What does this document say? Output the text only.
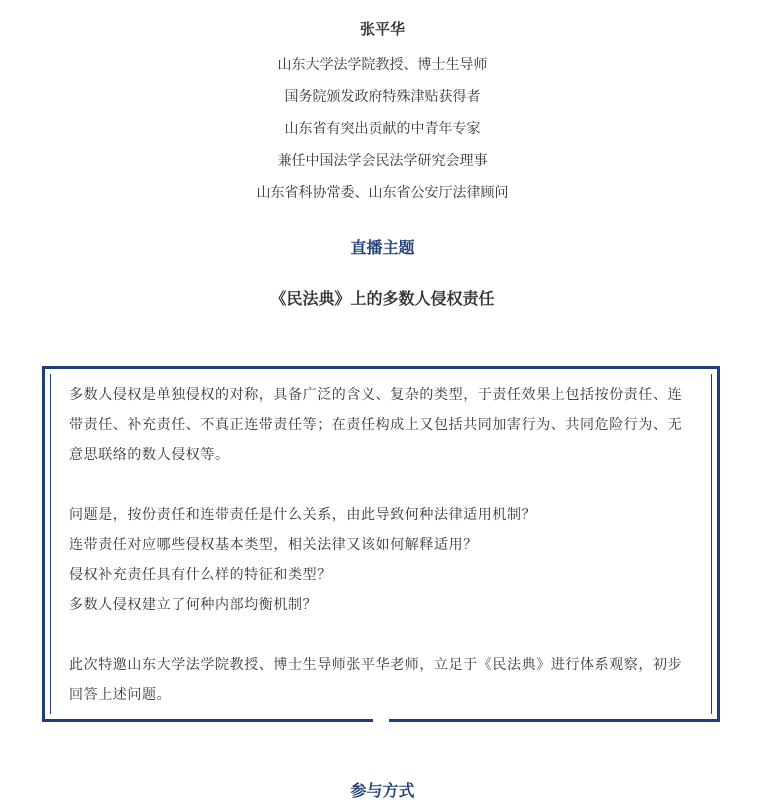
张平华
山东大学法学院教授、博士生导师
国务院颁发政府特殊津贴获得者
山东省有突出贡献的中青年专家
兼任中国法学会民法学研究会理事
山东省科协常委、山东省公安厅法律顾问
直播主题
《民法典》上的多数人侵权责任

多数人侵权是单独侵权的对称，具备广泛的含义、复杂的类型，于责任效果上包括按份责任、连带责任、补充责任、不真正连带责任等；在责任构成上又包括共同加害行为、共同危险行为、无意思联络的数人侵权等。

问题是，按份责任和连带责任是什么关系，由此导致何种法律适用机制？

连带责任对应哪些侵权基本类型，相关法律又该如何解释适用？

侵权补充责任具有什么样的特征和类型？

多数人侵权建立了何种内部均衡机制？

此次特邀山东大学法学院教授、博士生导师张平华老师，立足于《民法典》进行体系观察，初步回答上述问题。

参与方式
